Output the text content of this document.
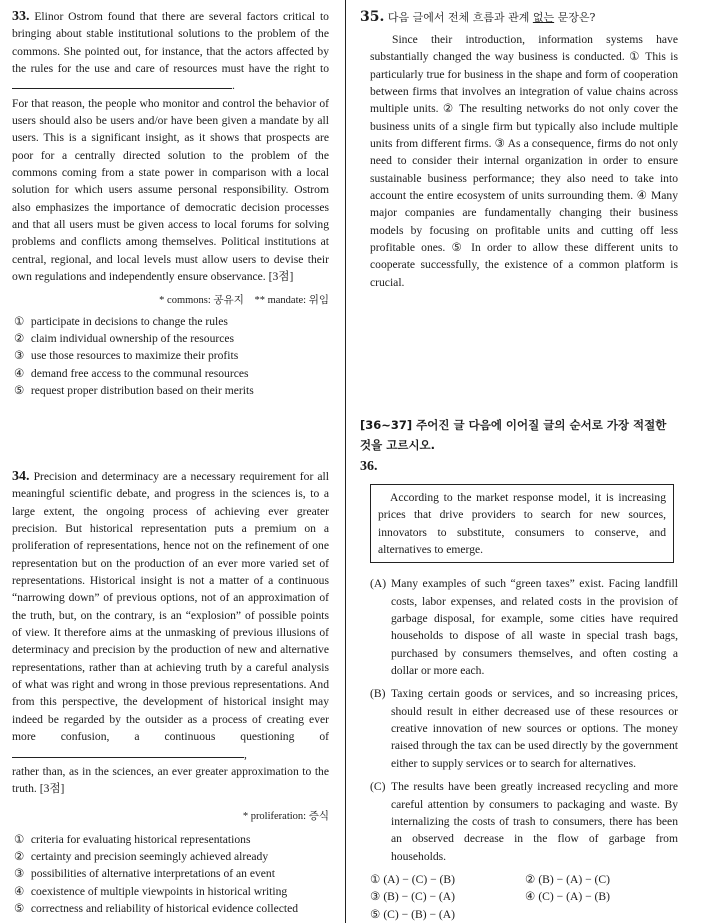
33. Elinor Ostrom found that there are several factors critical to bringing about stable institutional solutions to the problem of the commons. She pointed out, for instance, that the actors affected by the rules for the use and care of resources must have the right to .

For that reason, the people who monitor and control the behavior of users should also be users and/or have been given a mandate by all users. This is a significant insight, as it shows that prospects are poor for a centrally directed solution to the problem of the commons coming from a state power in comparison with a local solution for which users assume personal responsibility. Ostrom also emphasizes the importance of democratic decision processes and that all users must be given access to local forums for solving problems and conflicts among themselves. Political institutions at central, regional, and local levels must allow users to devise their own regulations and independently ensure observance. [3점]

* commons: 공유지 ** mandate: 위임

① participate in decisions to change the rules
② claim individual ownership of the resources
③ use those resources to maximize their profits
④ demand free access to the communal resources
⑤ request proper distribution based on their merits

34. Precision and determinacy are a necessary requirement for all meaningful scientific debate, and progress in the sciences is, to a large extent, the ongoing process of achieving ever greater precision. But historical representation puts a premium on a proliferation of representations, hence not on the refinement of one representation but on the production of an ever more varied set of representations. Historical insight is not a matter of a continuous “narrowing down” of previous options, not of an approximation of the truth, but, on the contrary, is an “explosion” of possible points of view. It therefore aims at the unmasking of previous illusions of determinacy and precision by the production of new and alternative representations, rather than at achieving truth by a careful analysis of what was right and wrong in those previous representations. And from this perspective, the development of historical insight may indeed be regarded by the outsider as a process of creating ever more confusion, a continuous questioning of ,

rather than, as in the sciences, an ever greater approximation to the truth. [3점]

* proliferation: 증식

① criteria for evaluating historical representations
② certainty and precision seemingly achieved already
③ possibilities of alternative interpretations of an event
④ coexistence of multiple viewpoints in historical writing
⑤ correctness and reliability of historical evidence collected

35. 다음 글에서 전체 흐름과 관계 없는 문장은?

Since their introduction, information systems have substantially changed the way business is conducted. ① This is particularly true for business in the shape and form of cooperation between firms that involves an integration of value chains across multiple units. ② The resulting networks do not only cover the business units of a single firm but typically also include multiple units from different firms. ③ As a consequence, firms do not only need to consider their internal organization in order to ensure sustainable business performance; they also need to take into account the entire ecosystem of units surrounding them. ④ Many major companies are fundamentally changing their business models by focusing on profitable units and cutting off less profitable ones. ⑤ In order to allow these different units to cooperate successfully, the existence of a common platform is crucial.

[36~37] 주어진 글 다음에 이어질 글의 순서로 가장 적절한 것을 고르시오.

36.

According to the market response model, it is increasing prices that drive providers to search for new sources, innovators to substitute, consumers to conserve, and alternatives to emerge.

(A) Many examples of such “green taxes” exist. Facing landfill costs, labor expenses, and related costs in the provision of garbage disposal, for example, some cities have required households to dispose of all waste in special trash bags, purchased by consumers themselves, and often costing a dollar or more each.

(B) Taxing certain goods or services, and so increasing prices, should result in either decreased use of these resources or creative innovation of new sources or options. The money raised through the tax can be used directly by the government either to supply services or to search for alternatives.

(C) The results have been greatly increased recycling and more careful attention by consumers to packaging and waste. By internalizing the costs of trash to consumers, there has been an observed decrease in the flow of garbage from households.

① (A) − (C) − (B)	② (B) − (A) − (C)
③ (B) − (C) − (A)	④ (C) − (A) − (B)
⑤ (C) − (B) − (A)
